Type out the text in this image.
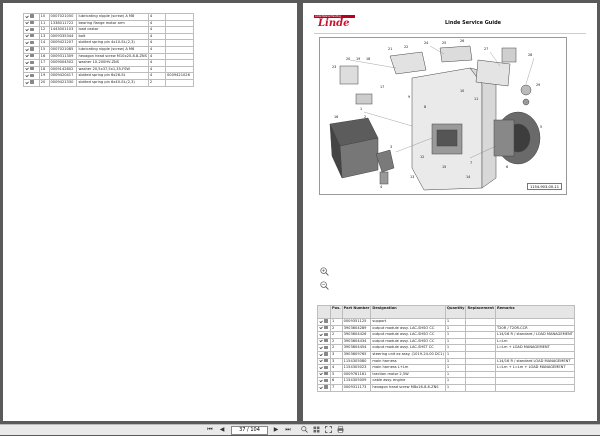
	10	0007021050	lubricating nipple (screw) A M8	4	
	11	1338011722	bearing flange motor arm	4	
	12	1443001103	load castor	4	
	13	0009335344	bolt	4	
	14	0009421207	slotted spring pin 4x10-St-(2,3)	4	
	15	0007021085	lubricating nipple (screw) A M6	4	
	16	0009311309	hexagon head screw M10x20-8.8-ZNS	4	
	17	0009004502	washer 10-200HV-ZNS	4	
	18	0009142802	washer 20,5x37,5x1,35-FSW	4	
	19	0009420417	slotted spring pin 6x26-St	4	0009421026
	20	0009421330	slotted spring pin 6x40-St-(2,3)	2	
Linde Material Handling
Linde	Linde Service Guide
20 19 18
23
21	22
24	25	26
27
28
29
1
2
3
4
5
6
7
8
9
10
11
12
13	14
15
16
17
1154-903-00-11
	Pos.	Part Number	Designation	Quantity	Replacement	Remarks
	1	0009351125	support	1		
	2	3903604289	output module assy. LAC-SHSO CC	1		T20R / T20R-CCR
	2	3903604426	output module assy. LAC-SHSO CC	1		L14/16 R / standard / LOAD MANAGEMENT
	2	3903604434	output module assy. LAC-SHSO CC	1		L=Lm
	2	3903604454	output module assy. LAC-SHST CC	1		L=Lm + LOAD MANAGEMENT
	3	3903609765	steering unit ez assy. (1019-24-00 DC1)	1		
	3	1154305080	main harness	1		L14/16 R / standard LOAD MANAGEMENT
	4	1154305023	main harness L+Lm	1		L=Lm + L=Lm + LOAD MANAGEMENT
	5	0009761161	traction motor 2,5W	1		
	6	1154305009	cable assy. engine	1		
	7	0009311173	hexagon head screw M8x16-8.8-ZNS	1		
⏮ ◀	37 / 104	▶ ⏭
